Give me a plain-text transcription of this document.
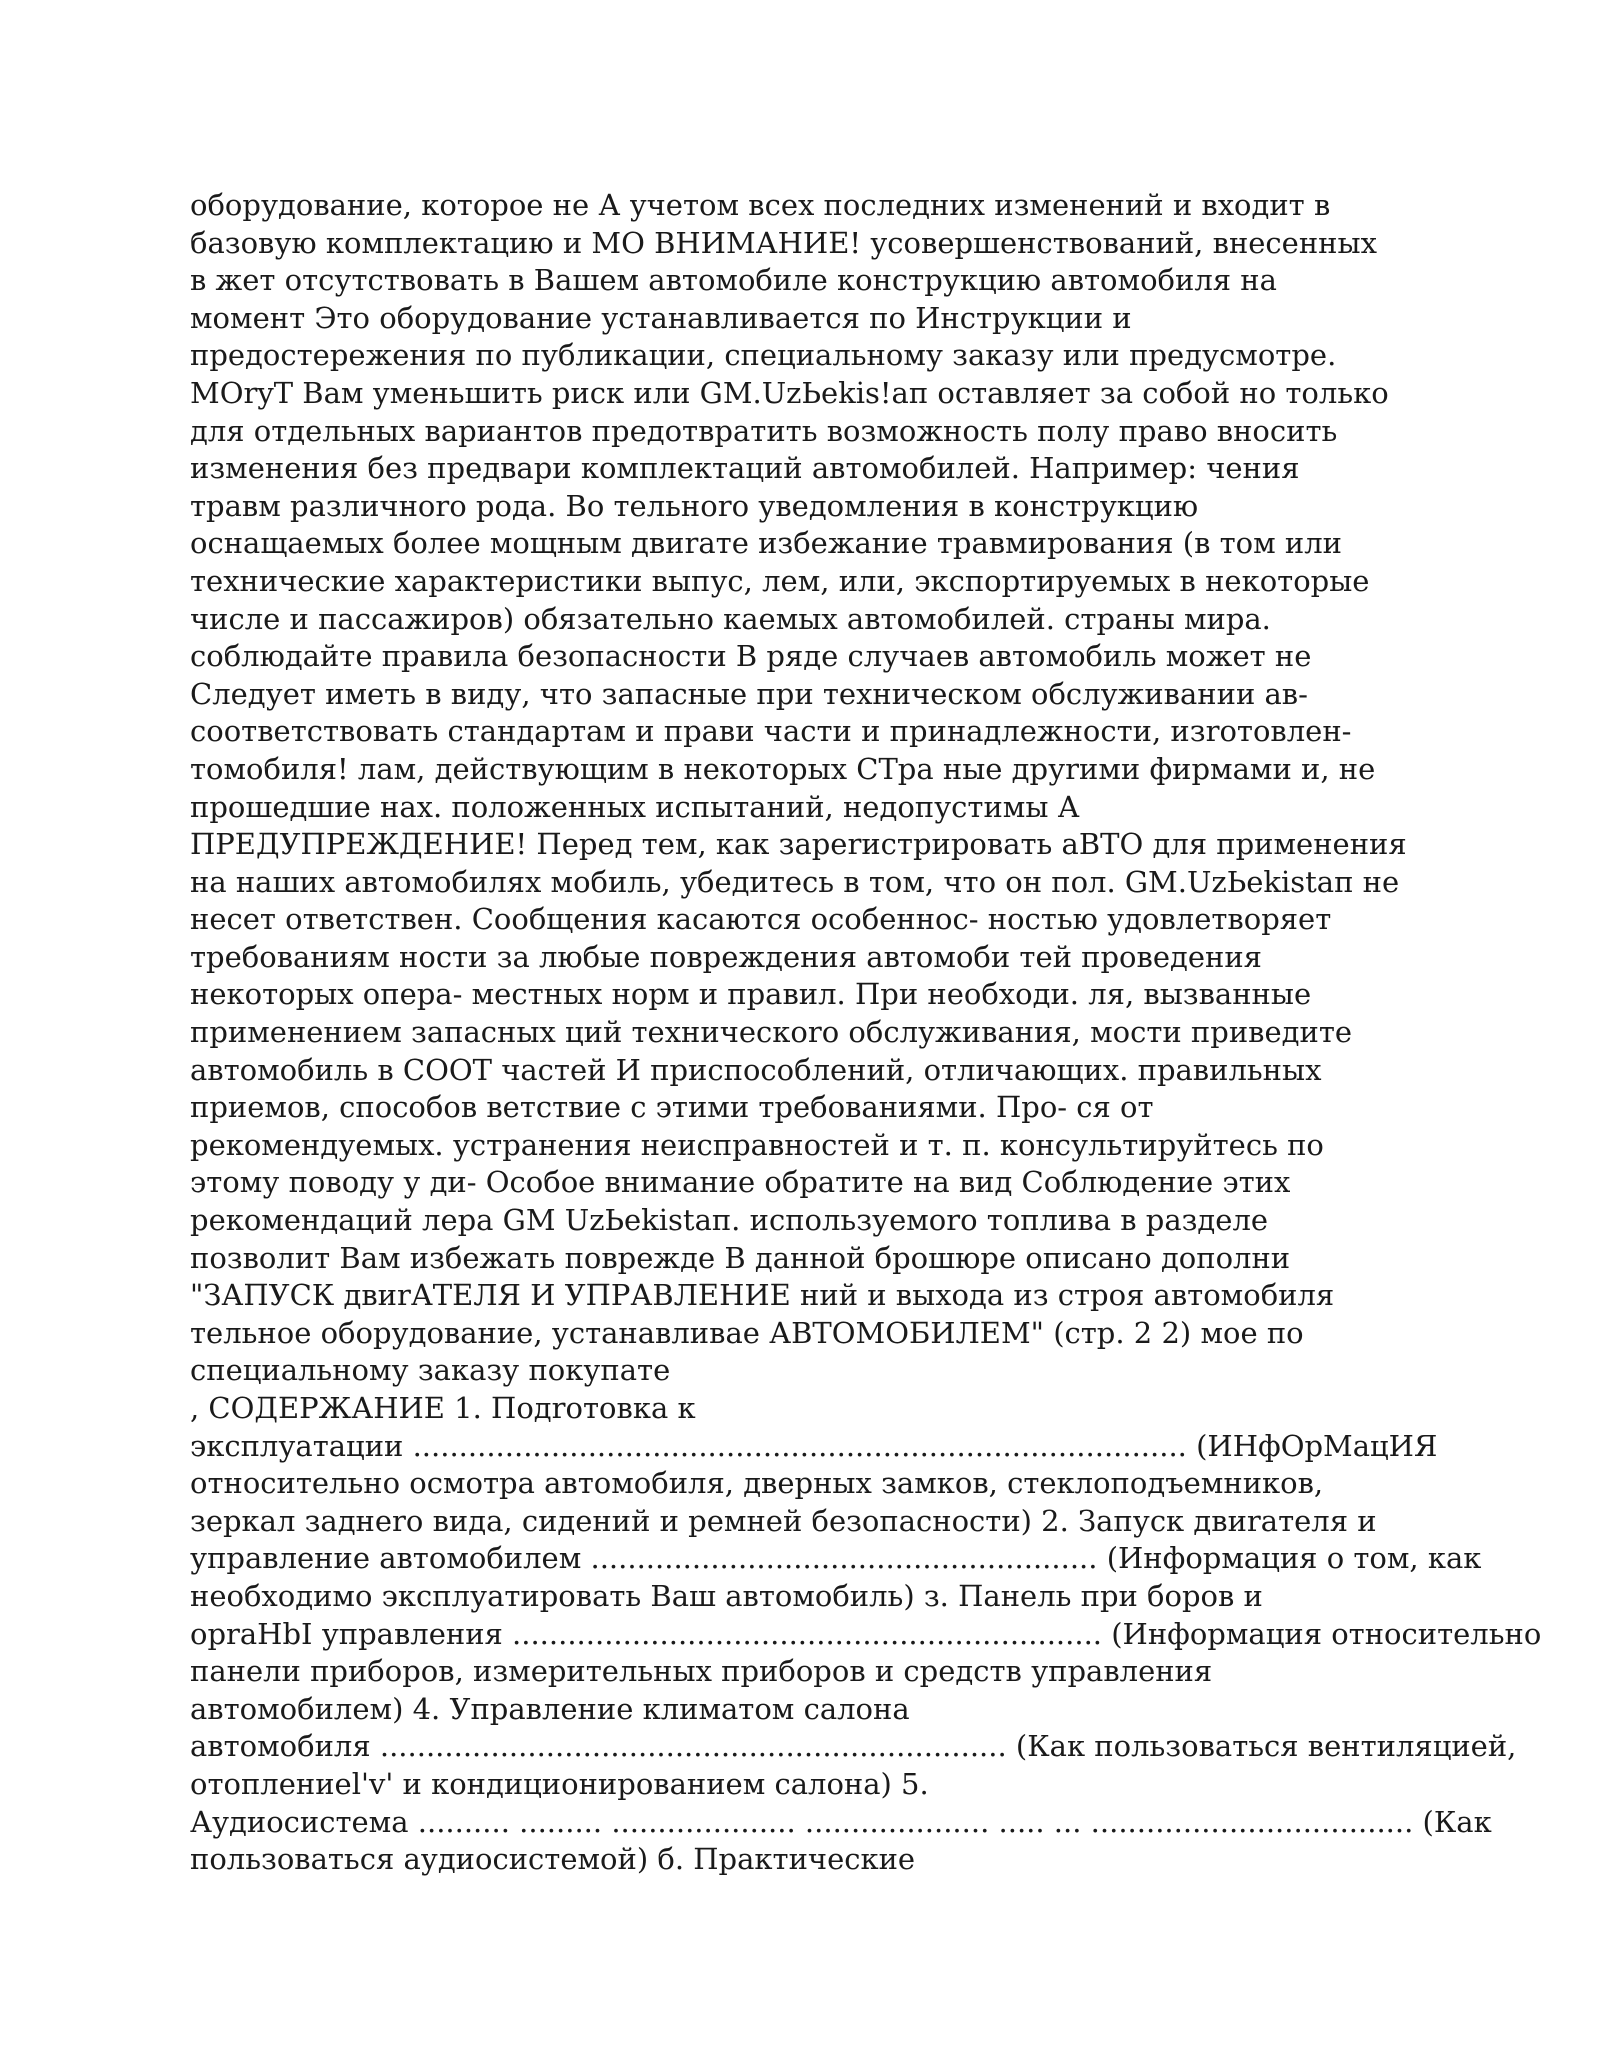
оборудование, которое не А учетом всех последних изменений и входит в
базовую комплектацию и МО ВНИМАНИЕ! усовершенствований, внесенных
в жет отсутствовать в Вашем автомобиле конструкцию автомобиля на
момент Это оборудование устанавливается по Инструкции и
предостережения по публикации, специальному заказу или предусмотре.
МОryТ Вам уменьшить риск или GM.UzЬekis!aп оставляет за собой но только
для отдельных вариантов предотвратить возможность полу право вносить
изменения без предвари комплектаций автомобилей. Например: чения
травм различноrо рода. Во тельноrо уведомления в конструкцию
оснащаемых более мощным двиrате избежание травмирования (в том или
технические характеристики выпус, лем, или, экспортируемых в некоторые
числе и пассажиров) обязательно каемых автомобилей. страны мира.
соблюдайте правила безопасности В ряде случаев автомобиль может не
Следует иметь в виду, что запасные при техническом обслуживании ав-
соответствовать стандартам и прави части и принадлежности, изrотовлен-
томобиля! лам, действующим в некоторых СТра ные друrими фирмами и, не
прошедшие нах. положенных испытаний, недопустимы А
ПРЕДУПРЕЖДЕНИЕ! Перед тем, как зареrистрировать аВТО для применения
на наших автомобилях мобиль, убедитесь в том, что он пол. GM.UzЬekistaп не
несет ответствен. Сообщения касаются особеннос- ностью удовлетворяет
требованиям ности за любые повреждения автомоби тей проведения
некоторых опера- местных норм и правил. При необходи. ля, вызванные
применением запасных ций техническоrо обслуживания, мости приведите
автомобиль в СООТ частей И приспособлений, отличающих. правильных
приемов, способов ветствие с этими требованиями. Про- ся от
рекомендуемых. устранения неисправностей и т. п. консультируйтесь по
этому поводу у ди- Особое внимание обратите на вид Соблюдение этих
рекомендаций лера GM UzЬekistaп. используемоrо топлива в разделе
позволит Вам избежать поврежде В данной брошюре описано дополни
"ЗАПУСК двиrАТЕЛЯ И УПРАВЛЕНИЕ ний и выхода из строя автомобиля
тельное оборудование, устанавливае АВТОМОБИЛЕМ" (стр. 2 2) мое по
специальному заказу покупате
, СОДЕРЖАНИЕ 1. Подrотовка к
эксплуатации .................................................................................... (ИНфОрМацИЯ
относительно осмотра автомобиля, дверных замков, стеклоподъемников,
зеркал заднеrо вида, сидений и ремней безопасности) 2. Запуск двиrателя и
управление автомобилем ....................................................... (Информация о том, как
необходимо эксплуатировать Ваш автомобиль) з. Панель при боров и
оpraHbI управления ................................................................ (Информация относительно
панели приборов, измерительных приборов и средств управления
автомобилем) 4. Управление климатом салона
автомобиля .................................................................... (Как пользоваться вентиляцией,
отоплениеl'v' и кондиционированием салона) 5.
Аудиосистема .......... ......... .................... .................... ..... ... ................................... (Как
пользоваться аудиосистемой) б. Практические
